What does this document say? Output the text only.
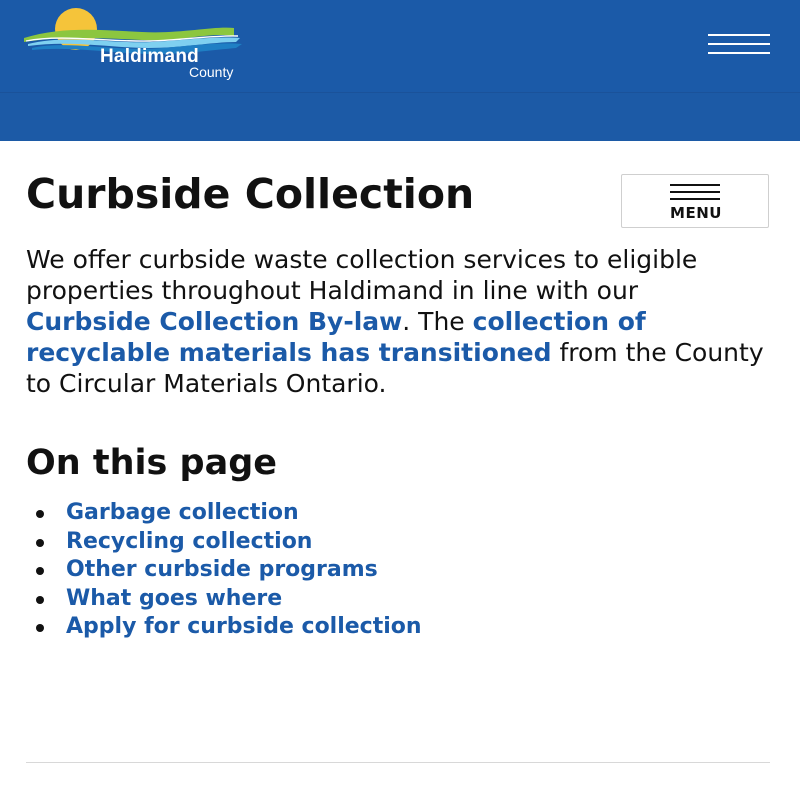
Haldimand
County
MENU
Curbside Collection

We offer curbside waste collection services to eligible properties throughout Haldimand in line with our Curbside Collection By-law. The collection of recyclable materials has transitioned from the County to Circular Materials Ontario.

On this page
Garbage collection
Recycling collection
Other curbside programs
What goes where
Apply for curbside collection
